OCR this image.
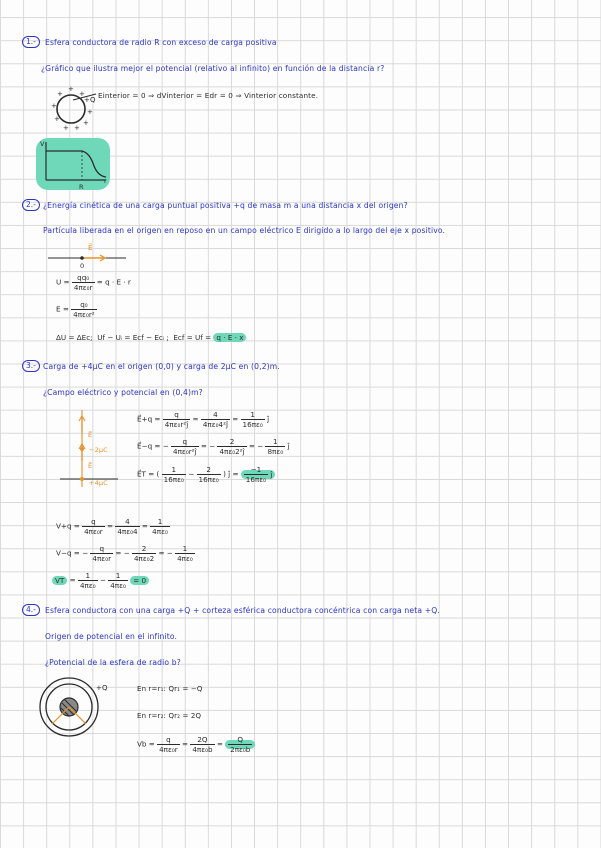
1.-	Esfera conductora de radio R con exceso de carga positiva
¿Gráfico que ilustra mejor el potencial (relativo al infinito) en función de la distancia r?
+
+ +
+
+
+
+ +
+
+Q Einterior = 0 ⇒ dVinterior = Edr = 0 ⇒ Vinterior constante.
V
R
r
2.- ¿Energía cinética de una carga puntual positiva +q de masa m a una distancia x del origen?
Partícula liberada en el origen en reposo en un campo eléctrico E dirigido a lo largo del eje x positivo.
E⃗
0
$U = \frac{\text{qq₀}}{\text{4πε₀r}} = q \cdot E \cdot r$
$E = \frac{\text{q₀}}{\text{4πε₀r²}}$
ΔU = ΔEc; Uf − Uᵢ = Ecf − Ecᵢ ; Ecf = Uf = q · E · x
3.- Carga de +4μC en el origen (0,0) y carga de 2μC en (0,2)m.
¿Campo eléctrico y potencial en (0,4)m?
E⃗
−2μC
E⃗
+4μC
E⃗+q = $\frac{q}{\text{4πε₀r²ĵ}} = \frac{4}{\text{4πε₀4²ĵ}} = \frac{1}{\text{16πε₀}}$ ĵ
E⃗−q = − $\frac{q}{\text{4πε₀r²ĵ}}$ = − $\frac{2}{\text{4πε₀2²ĵ}}$ = − $\frac{1}{\text{8πε₀}}$ ĵ
E⃗T = ( $\frac{1}{\text{16πε₀}} - \frac{2}{\text{16πε₀}}$ ) ĵ = $\frac{-1}{\text{16πε₀}}$ ĵ
$V+q = \frac{q}{\text{4πε₀r}} = \frac{4}{\text{4πε₀4}} = \frac{1}{\text{4πε₀}}$
V−q = − $\frac{q}{\text{4πε₀r}}$ = − $\frac{2}{\text{4πε₀2}}$ = − $\frac{1}{\text{4πε₀}}$
VT = $\frac{1}{\text{4πε₀}} - \frac{1}{\text{4πε₀}} = 0$
4.-	Esfera conductora con una carga +Q + corteza esférica conductora concéntrica con carga neta +Q.
Origen de potencial en el infinito.
¿Potencial de la esfera de radio b?
+Q	En r=r₁: Qr₁ = −Q
En r=r₂: Qr₂ = 2Q
$Vb = \frac{q}{\text{4πε₀r}} = \frac{2Q}{\text{4πε₀b}} = \frac{Q}{\text{2πε₀b}}$
